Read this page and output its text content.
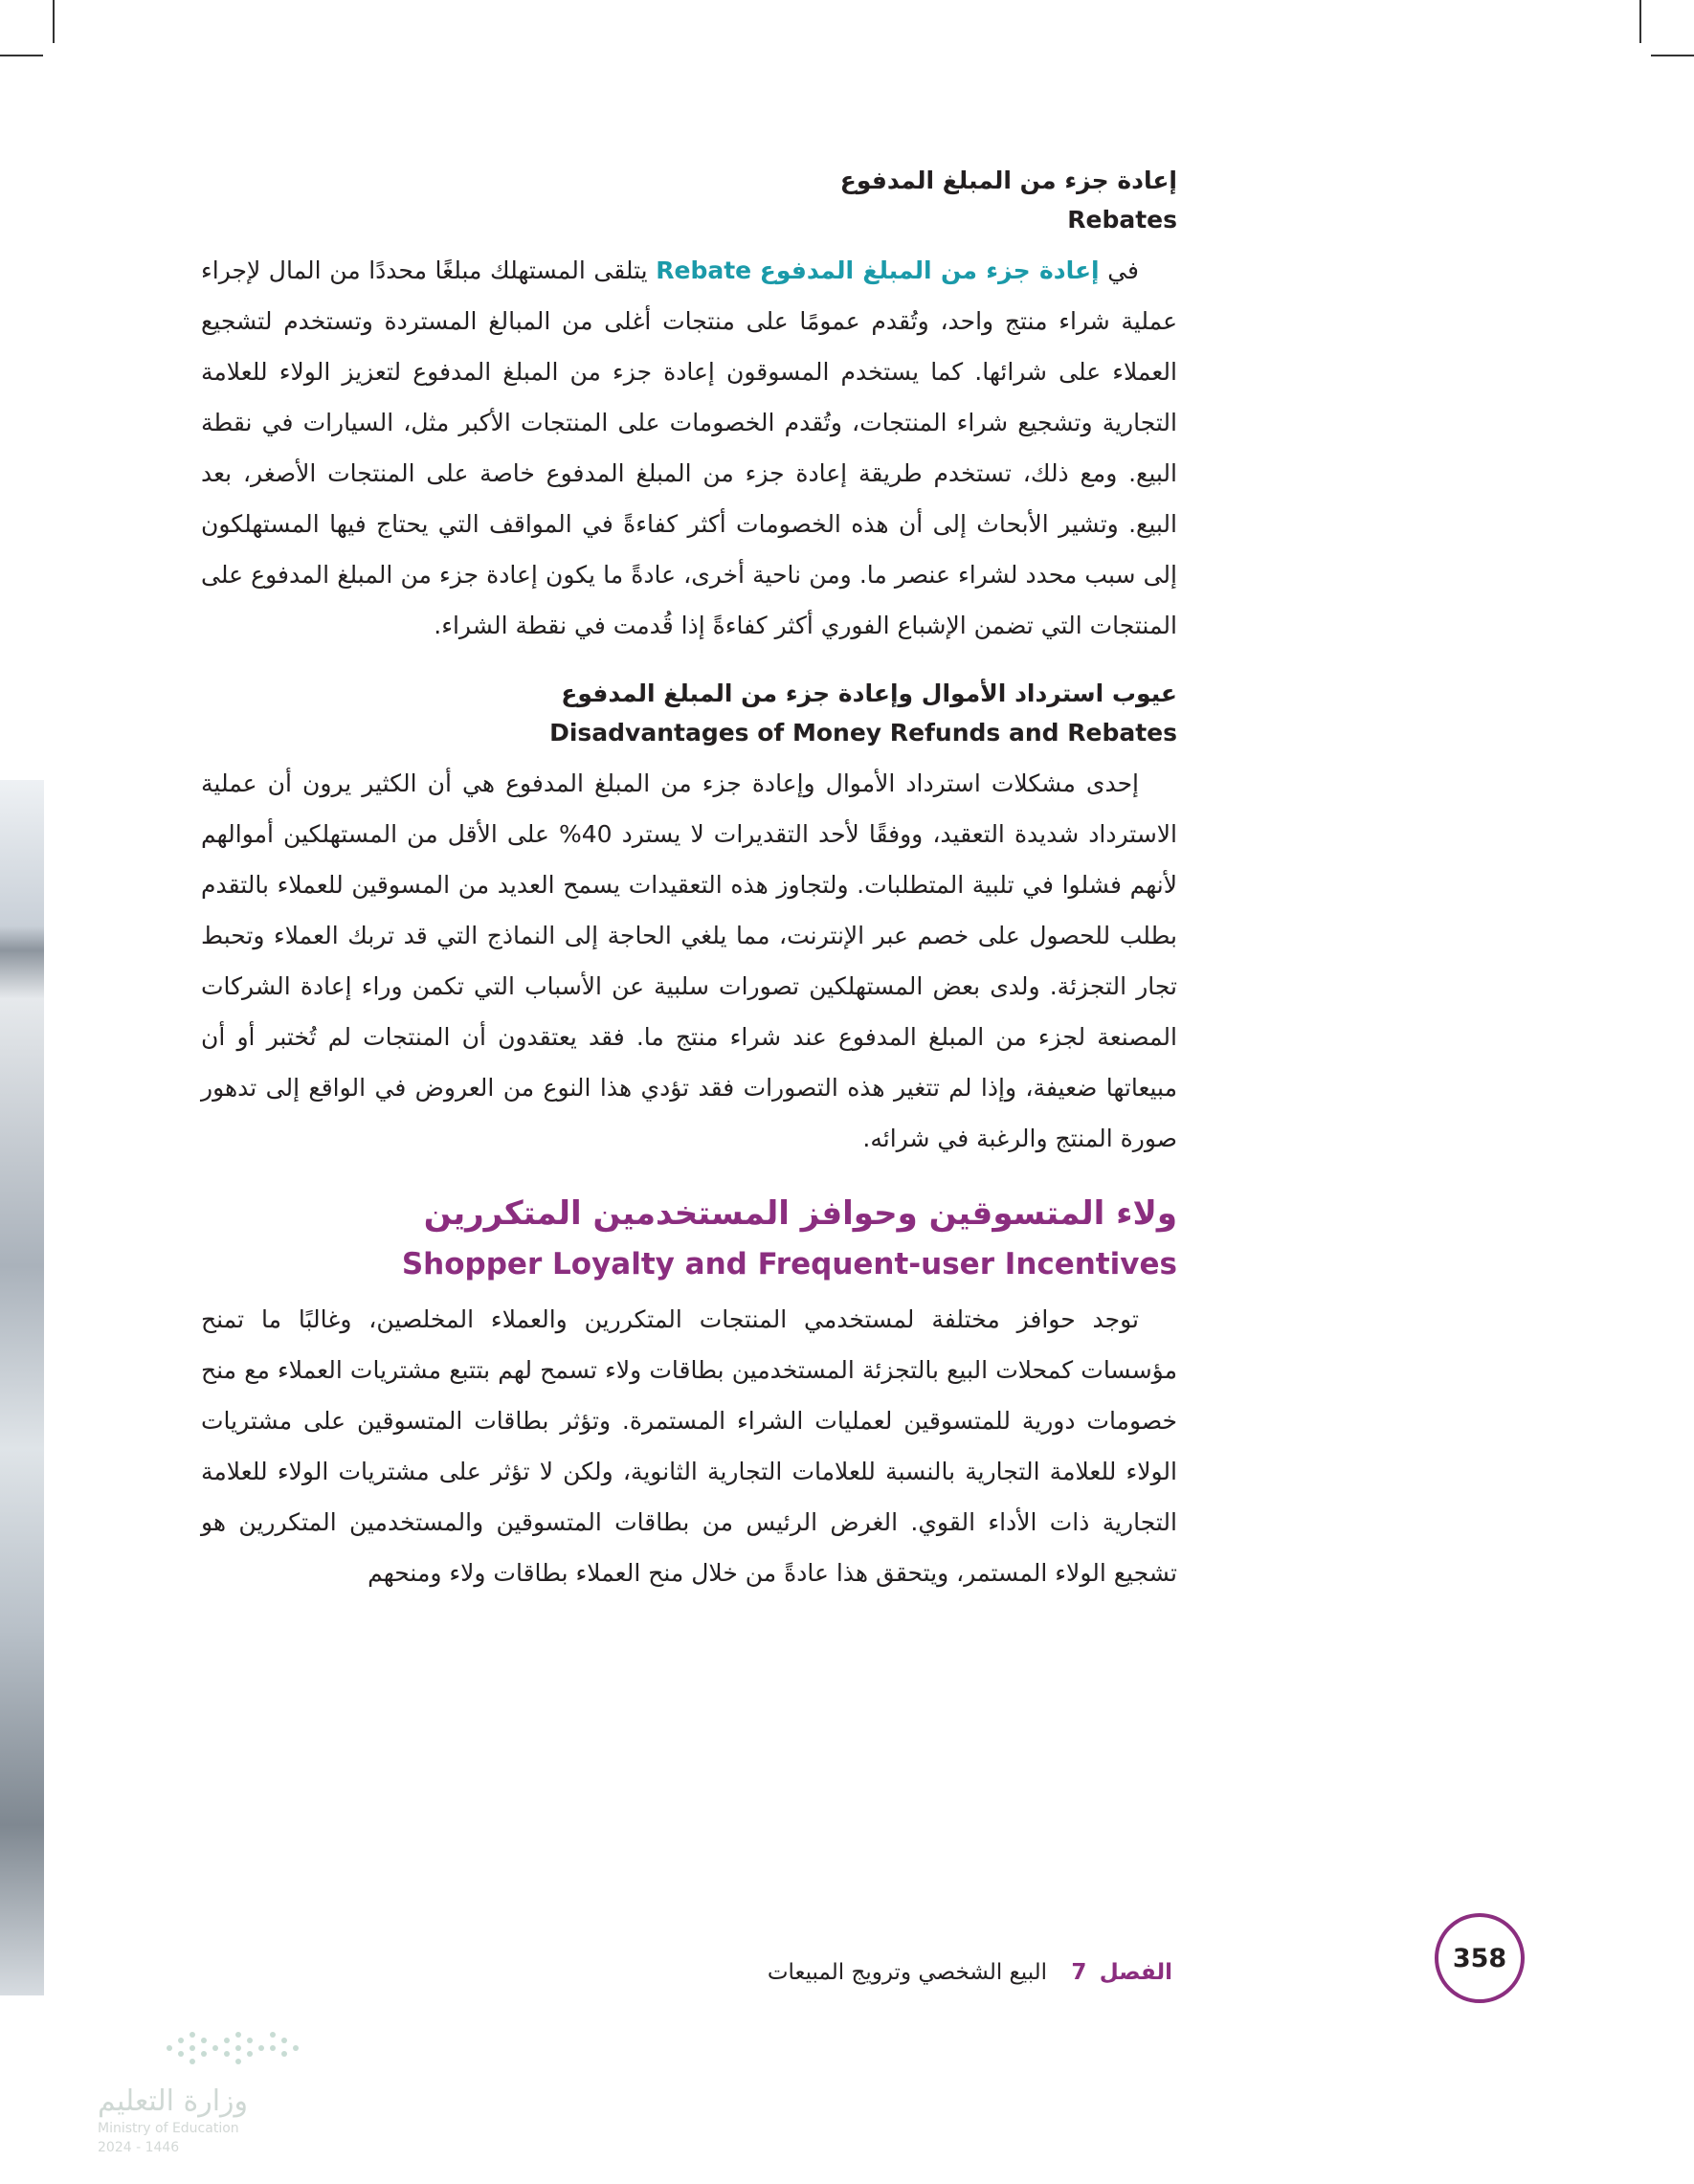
إعادة جزء من المبلغ المدفوع
Rebates

في إعادة جزء من المبلغ المدفوع Rebate يتلقى المستهلك مبلغًا محددًا من المال لإجراء عملية شراء منتج واحد، وتُقدم عمومًا على منتجات أغلى من المبالغ المستردة وتستخدم لتشجيع العملاء على شرائها. كما يستخدم المسوقون إعادة جزء من المبلغ المدفوع لتعزيز الولاء للعلامة التجارية وتشجيع شراء المنتجات، وتُقدم الخصومات على المنتجات الأكبر مثل، السيارات في نقطة البيع. ومع ذلك، تستخدم طريقة إعادة جزء من المبلغ المدفوع خاصة على المنتجات الأصغر، بعد البيع. وتشير الأبحاث إلى أن هذه الخصومات أكثر كفاءةً في المواقف التي يحتاج فيها المستهلكون إلى سبب محدد لشراء عنصر ما. ومن ناحية أخرى، عادةً ما يكون إعادة جزء من المبلغ المدفوع على المنتجات التي تضمن الإشباع الفوري أكثر كفاءةً إذا قُدمت في نقطة الشراء.

عيوب استرداد الأموال وإعادة جزء من المبلغ المدفوع
Disadvantages of Money Refunds and Rebates

إحدى مشكلات استرداد الأموال وإعادة جزء من المبلغ المدفوع هي أن الكثير يرون أن عملية الاسترداد شديدة التعقيد، ووفقًا لأحد التقديرات لا يسترد 40% على الأقل من المستهلكين أموالهم لأنهم فشلوا في تلبية المتطلبات. ولتجاوز هذه التعقيدات يسمح العديد من المسوقين للعملاء بالتقدم بطلب للحصول على خصم عبر الإنترنت، مما يلغي الحاجة إلى النماذج التي قد تربك العملاء وتحبط تجار التجزئة. ولدى بعض المستهلكين تصورات سلبية عن الأسباب التي تكمن وراء إعادة الشركات المصنعة لجزء من المبلغ المدفوع عند شراء منتج ما. فقد يعتقدون أن المنتجات لم تُختبر أو أن مبيعاتها ضعيفة، وإذا لم تتغير هذه التصورات فقد تؤدي هذا النوع من العروض في الواقع إلى تدهور صورة المنتج والرغبة في شرائه.

ولاء المتسوقين وحوافز المستخدمين المتكررين
Shopper Loyalty and Frequent-user Incentives

توجد حوافز مختلفة لمستخدمي المنتجات المتكررين والعملاء المخلصين، وغالبًا ما تمنح مؤسسات كمحلات البيع بالتجزئة المستخدمين بطاقات ولاء تسمح لهم بتتبع مشتريات العملاء مع منح خصومات دورية للمتسوقين لعمليات الشراء المستمرة. وتؤثر بطاقات المتسوقين على مشتريات الولاء للعلامة التجارية بالنسبة للعلامات التجارية الثانوية، ولكن لا تؤثر على مشتريات الولاء للعلامة التجارية ذات الأداء القوي. الغرض الرئيس من بطاقات المتسوقين والمستخدمين المتكررين هو تشجيع الولاء المستمر، ويتحقق هذا عادةً من خلال منح العملاء بطاقات ولاء ومنحهم

الفصل 7 البيع الشخصي وترويج المبيعات	358
وزارة التعليم
Ministry of Education
2024 - 1446
